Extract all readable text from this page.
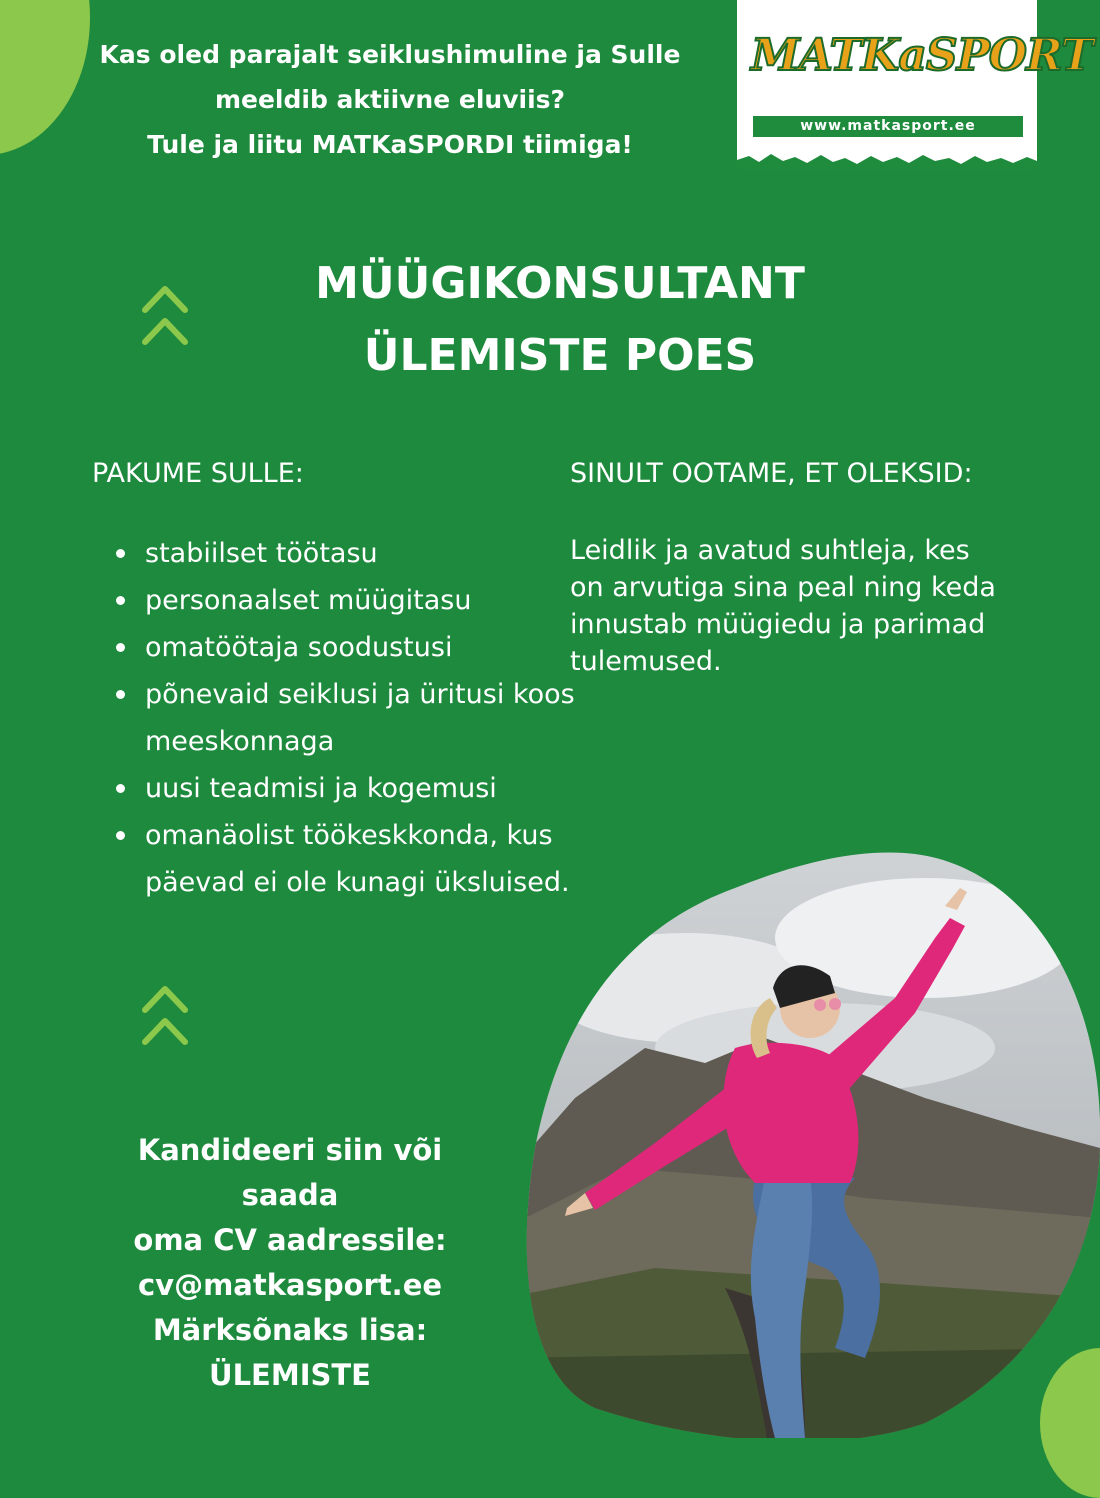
Kas oled parajalt seiklushimuline ja Sulle
meeldib aktiivne eluviis?
Tule ja liitu MATKaSPORDI tiimiga!
MATKaSPORT
www.matkasport.ee
MÜÜGIKONSULTANT
ÜLEMISTE POES
PAKUME SULLE:	SINULT OOTAME, ET OLEKSID:
stabiilset töötasu
personaalset müügitasu
omatöötaja soodustusi
põnevaid seiklusi ja üritusi koos meeskonnaga
uusi teadmisi ja kogemusi
omanäolist töökeskkonda, kus päevad ei ole kunagi üksluised.
Leidlik ja avatud suhtleja, kes on arvutiga sina peal ning keda innustab müügiedu ja parimad tulemused.
Kandideeri siin või saada
oma CV aadressile:
cv@matkasport.ee
Märksõnaks lisa:
ÜLEMISTE
